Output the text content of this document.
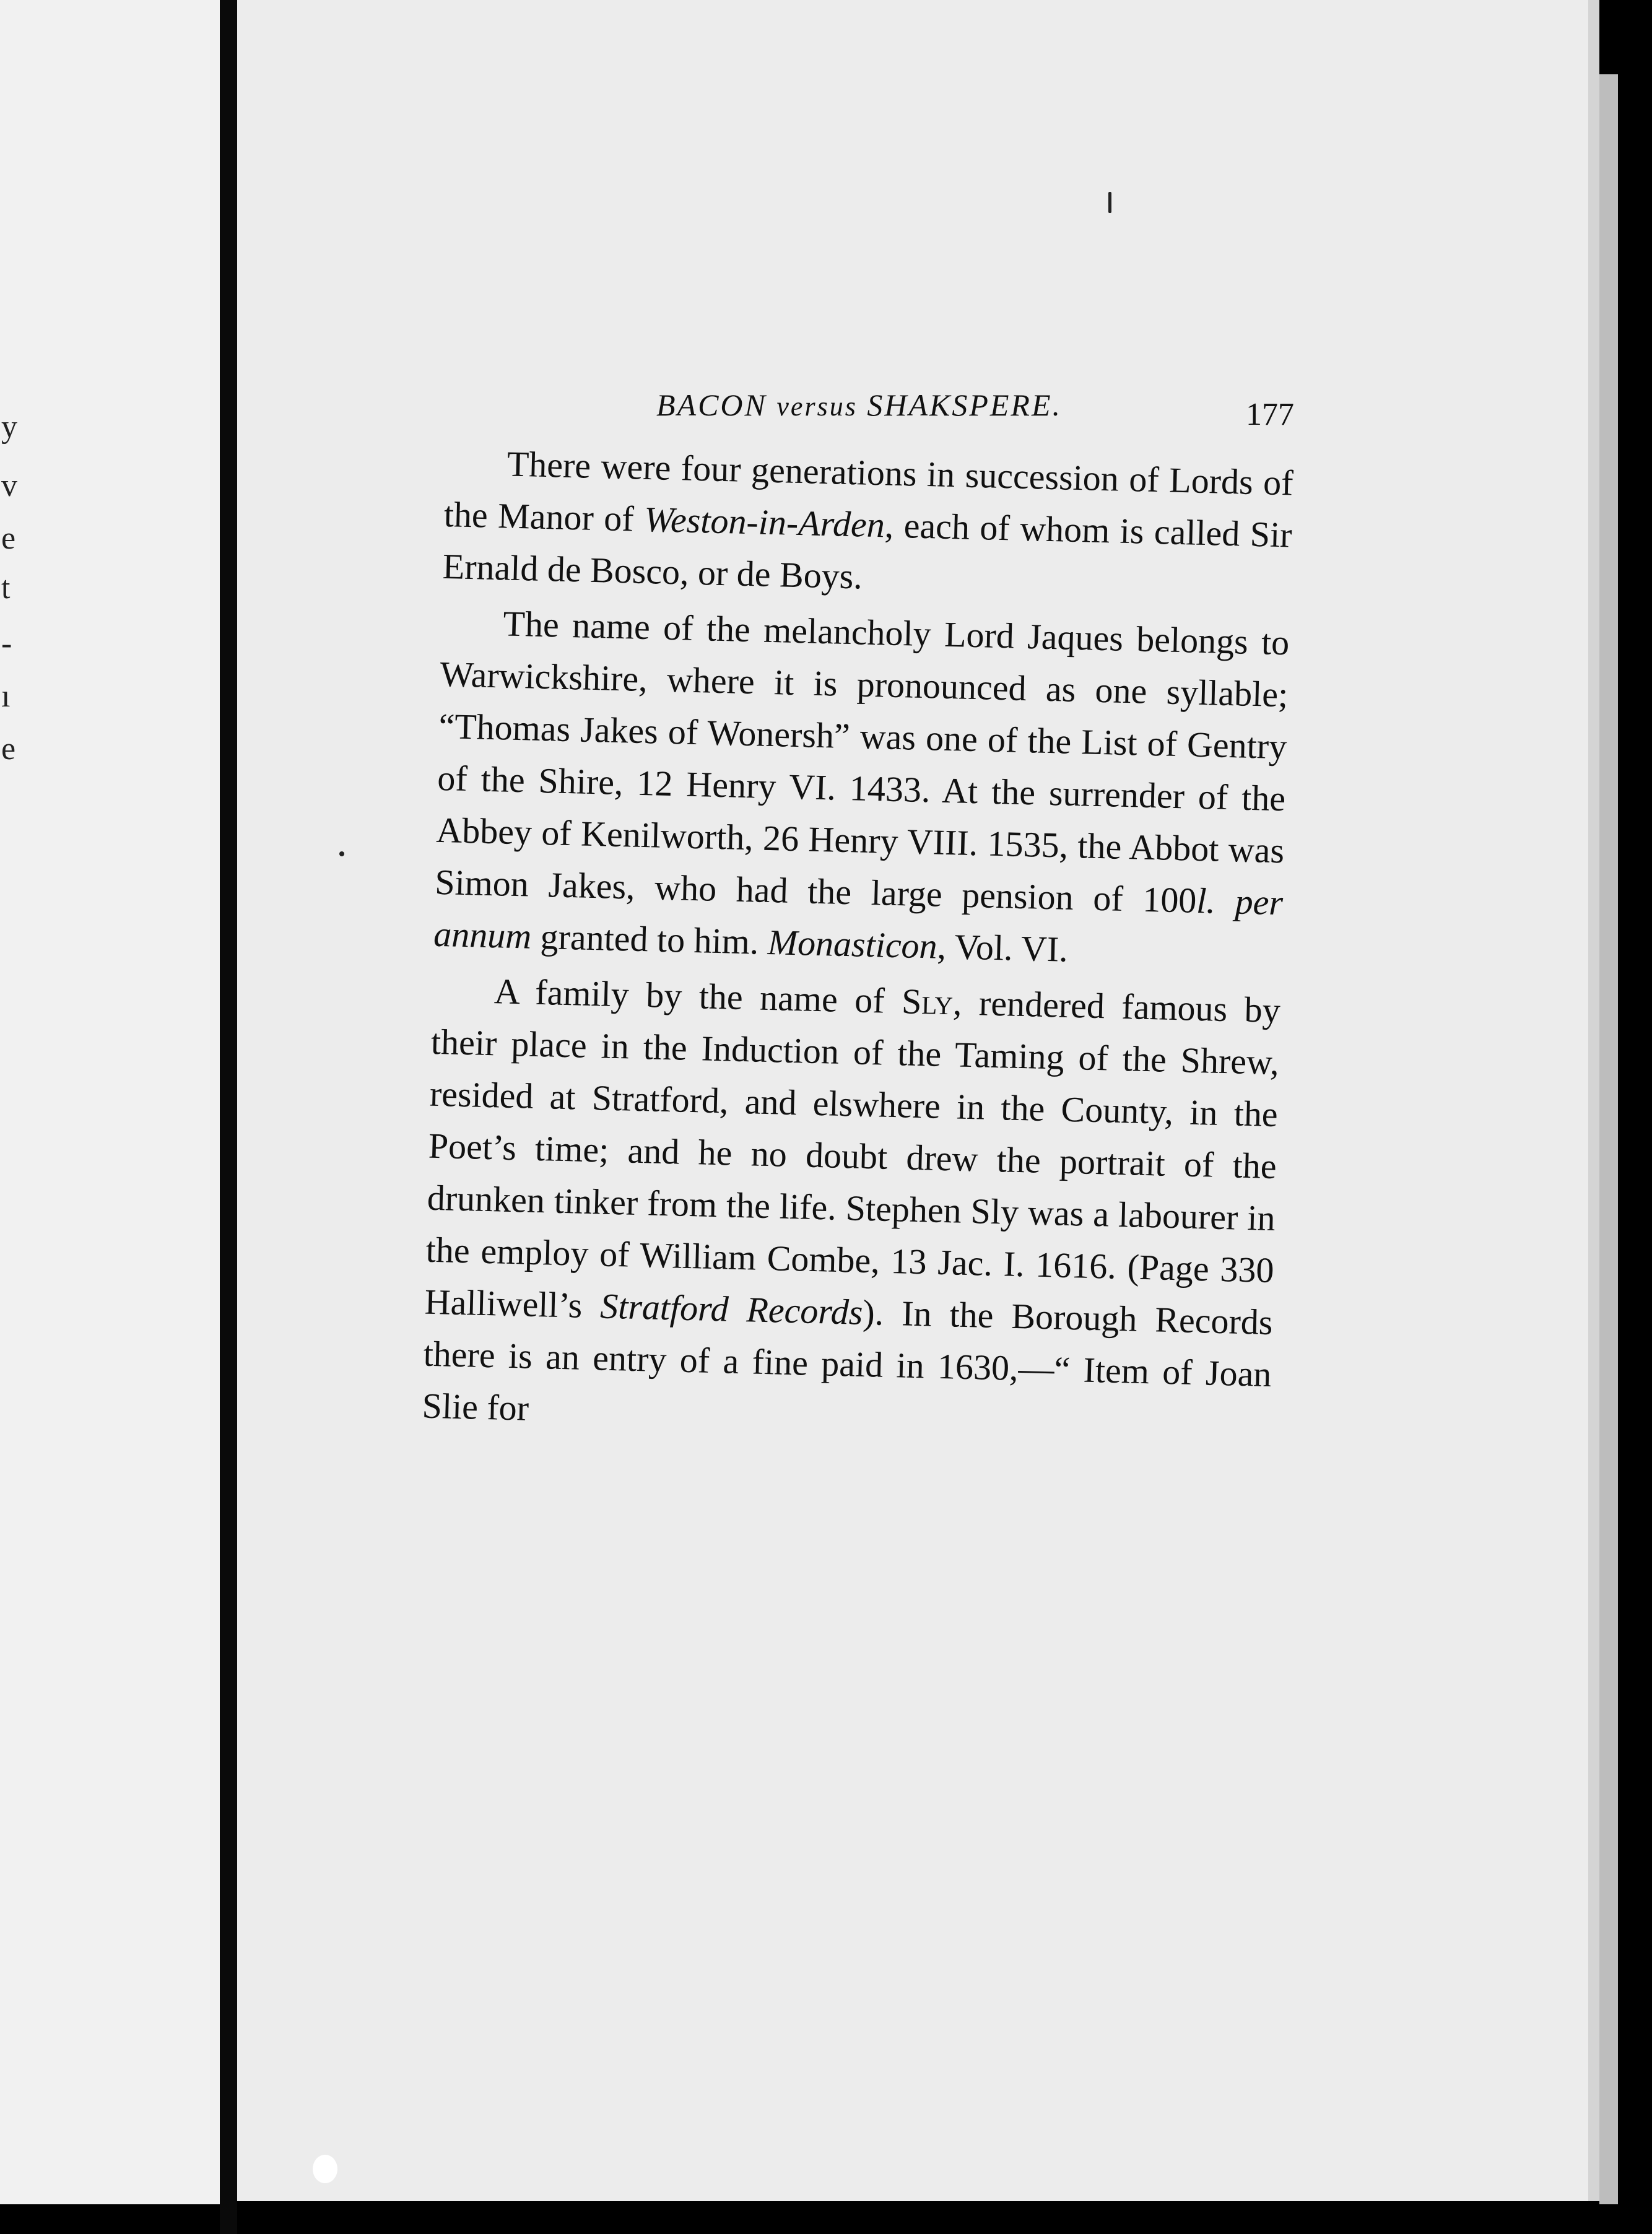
y
v
e
t
-
ı
e
BACON versus SHAKSPERE.	177

There were four generations in succession of Lords of the Manor of Weston-in-Arden, each of whom is called Sir Ernald de Bosco, or de Boys.

The name of the melancholy Lord Jaques belongs to Warwickshire, where it is pronounced as one syllable; “Thomas Jakes of Wonersh” was one of the List of Gentry of the Shire, 12 Henry VI. 1433. At the surrender of the Abbey of Kenilworth, 26 Henry VIII. 1535, the Abbot was Simon Jakes, who had the large pension of 100l. per annum granted to him. Monasticon, Vol. VI.

A family by the name of Sly, rendered famous by their place in the Induction of the Taming of the Shrew, resided at Stratford, and elswhere in the County, in the Poet’s time; and he no doubt drew the portrait of the drunken tinker from the life. Stephen Sly was a labourer in the employ of William Combe, 13 Jac. I. 1616. (Page 330 Halliwell’s Stratford Records). In the Borough Records there is an entry of a fine paid in 1630,—“ Item of Joan Slie for
